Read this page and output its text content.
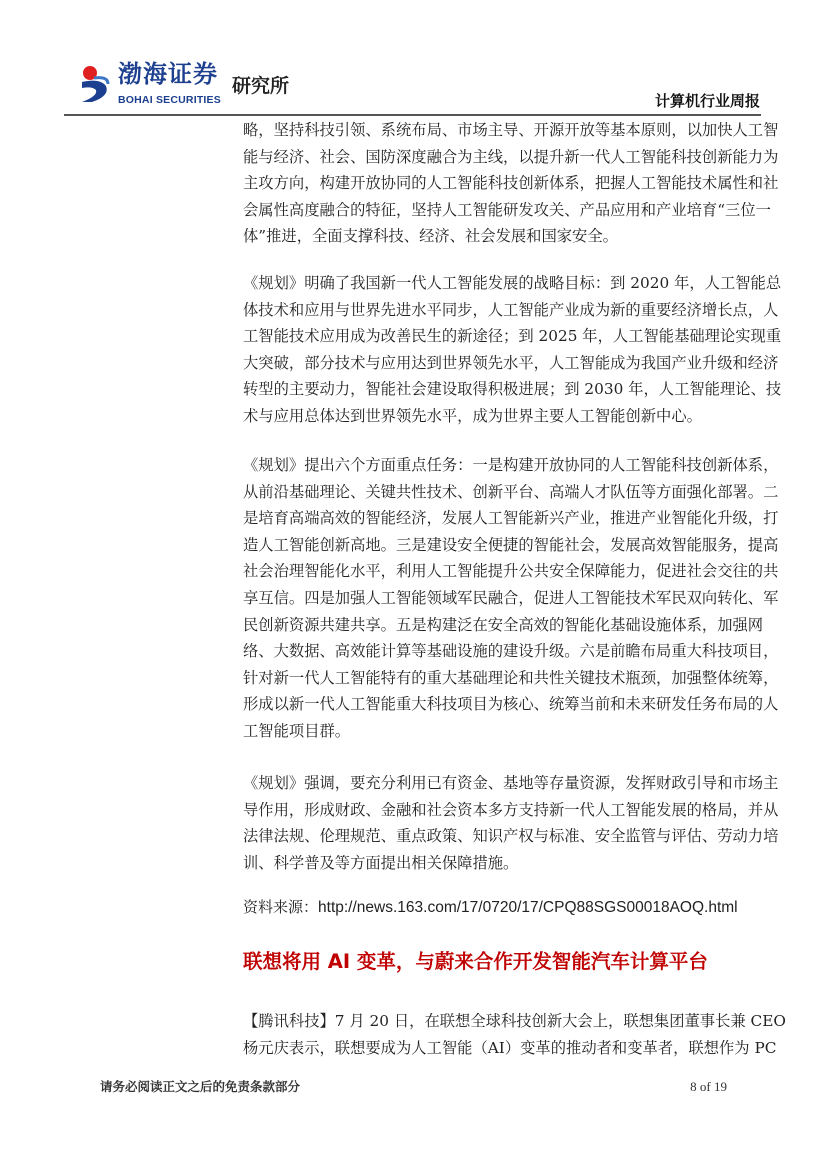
渤海证券
BOHAI SECURITIES
研究所
计算机行业周报
略，坚持科技引领、系统布局、市场主导、开源开放等基本原则，以加快人工智
能与经济、社会、国防深度融合为主线，以提升新一代人工智能科技创新能力为
主攻方向，构建开放协同的人工智能科技创新体系，把握人工智能技术属性和社
会属性高度融合的特征，坚持人工智能研发攻关、产品应用和产业培育“三位一
体”推进，全面支撑科技、经济、社会发展和国家安全。
《规划》明确了我国新一代人工智能发展的战略目标：到 2020 年，人工智能总
体技术和应用与世界先进水平同步，人工智能产业成为新的重要经济增长点，人
工智能技术应用成为改善民生的新途径；到 2025 年，人工智能基础理论实现重
大突破，部分技术与应用达到世界领先水平，人工智能成为我国产业升级和经济
转型的主要动力，智能社会建设取得积极进展；到 2030 年，人工智能理论、技
术与应用总体达到世界领先水平，成为世界主要人工智能创新中心。
《规划》提出六个方面重点任务：一是构建开放协同的人工智能科技创新体系，
从前沿基础理论、关键共性技术、创新平台、高端人才队伍等方面强化部署。二
是培育高端高效的智能经济，发展人工智能新兴产业，推进产业智能化升级，打
造人工智能创新高地。三是建设安全便捷的智能社会，发展高效智能服务，提高
社会治理智能化水平，利用人工智能提升公共安全保障能力，促进社会交往的共
享互信。四是加强人工智能领域军民融合，促进人工智能技术军民双向转化、军
民创新资源共建共享。五是构建泛在安全高效的智能化基础设施体系，加强网
络、大数据、高效能计算等基础设施的建设升级。六是前瞻布局重大科技项目，
针对新一代人工智能特有的重大基础理论和共性关键技术瓶颈，加强整体统筹，
形成以新一代人工智能重大科技项目为核心、统筹当前和未来研发任务布局的人
工智能项目群。
《规划》强调，要充分利用已有资金、基地等存量资源，发挥财政引导和市场主
导作用，形成财政、金融和社会资本多方支持新一代人工智能发展的格局，并从
法律法规、伦理规范、重点政策、知识产权与标准、安全监管与评估、劳动力培
训、科学普及等方面提出相关保障措施。
资料来源：http://news.163.com/17/0720/17/CPQ88SGS00018AOQ.html
联想将用 AI 变革，与蔚来合作开发智能汽车计算平台
【腾讯科技】7 月 20 日，在联想全球科技创新大会上，联想集团董事长兼 CEO
杨元庆表示，联想要成为人工智能（AI）变革的推动者和变革者，联想作为 PC
请务必阅读正文之后的免责条款部分	8 of 19
